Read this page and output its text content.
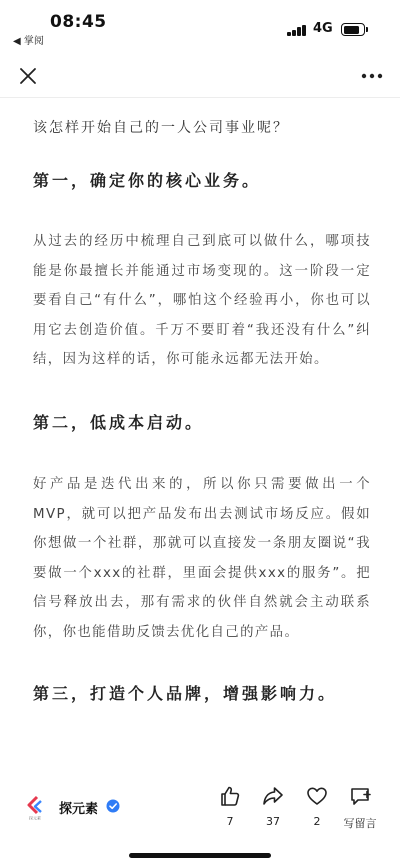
08:45
◀ 掌阅
4G

该怎样开始自己的一人公司事业呢？

第一，确定你的核心业务。

从过去的经历中梳理自己到底可以做什么，哪项技能是你最擅长并能通过市场变现的。这一阶段一定要看自己“有什么”，哪怕这个经验再小，你也可以用它去创造价值。千万不要盯着“我还没有什么”纠结，因为这样的话，你可能永远都无法开始。

第二，低成本启动。

好产品是迭代出来的，所以你只需要做出一个MVP，就可以把产品发布出去测试市场反应。假如你想做一个社群，那就可以直接发一条朋友圈说“我要做一个xxx的社群，里面会提供xxx的服务”。把信号释放出去，那有需求的伙伴自然就会主动联系你，你也能借助反馈去优化自己的产品。

第三，打造个人品牌，增强影响力。
探元素
探元素
7	37	2	写留言
